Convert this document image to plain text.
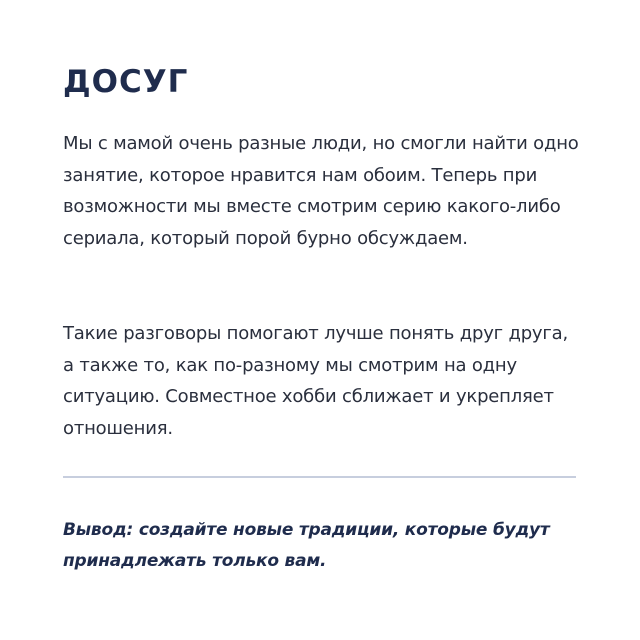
ДОСУГ

Мы с мамой очень разные люди, но смогли найти одно занятие, которое нравится нам обоим. Теперь при возможности мы вместе смотрим серию какого-либо сериала, который порой бурно обсуждаем.

Такие разговоры помогают лучше понять друг друга, а также то, как по-разному мы смотрим на одну ситуацию. Совместное хобби сближает и укрепляет отношения.

Вывод: создайте новые традиции, которые будут принадлежать только вам.
